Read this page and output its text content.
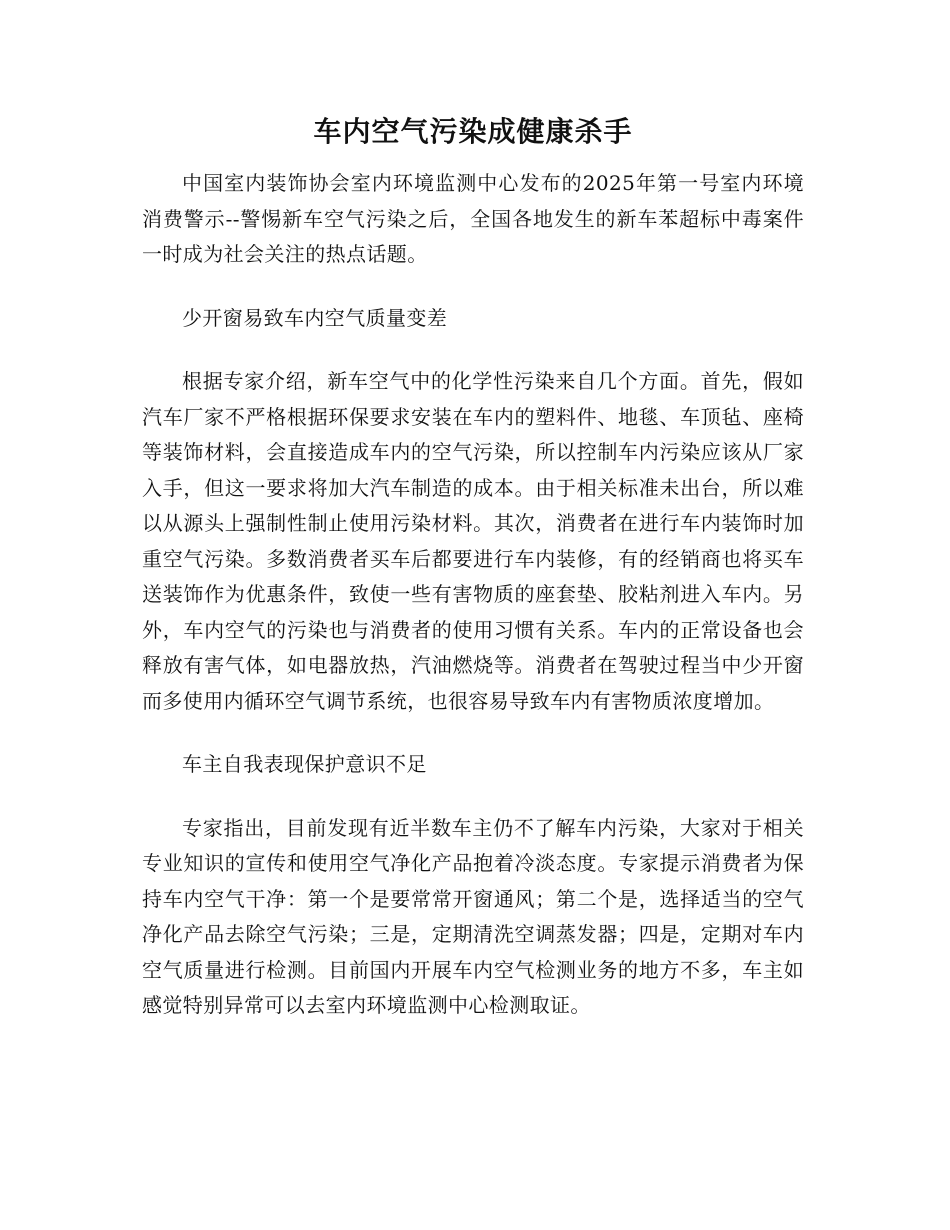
车内空气污染成健康杀手

中国室内装饰协会室内环境监测中心发布的2025年第一号室内环境消费警示--警惕新车空气污染之后，全国各地发生的新车苯超标中毒案件一时成为社会关注的热点话题。

少开窗易致车内空气质量变差

根据专家介绍，新车空气中的化学性污染来自几个方面。首先，假如汽车厂家不严格根据环保要求安装在车内的塑料件、地毯、车顶毡、座椅等装饰材料，会直接造成车内的空气污染，所以控制车内污染应该从厂家入手，但这一要求将加大汽车制造的成本。由于相关标准未出台，所以难以从源头上强制性制止使用污染材料。其次，消费者在进行车内装饰时加重空气污染。多数消费者买车后都要进行车内装修，有的经销商也将买车送装饰作为优惠条件，致使一些有害物质的座套垫、胶粘剂进入车内。另外，车内空气的污染也与消费者的使用习惯有关系。车内的正常设备也会释放有害气体，如电器放热，汽油燃烧等。消费者在驾驶过程当中少开窗而多使用内循环空气调节系统，也很容易导致车内有害物质浓度增加。

车主自我表现保护意识不足

专家指出，目前发现有近半数车主仍不了解车内污染，大家对于相关专业知识的宣传和使用空气净化产品抱着冷淡态度。专家提示消费者为保持车内空气干净：第一个是要常常开窗通风；第二个是，选择适当的空气净化产品去除空气污染；三是，定期清洗空调蒸发器；四是，定期对车内空气质量进行检测。目前国内开展车内空气检测业务的地方不多，车主如感觉特别异常可以去室内环境监测中心检测取证。
